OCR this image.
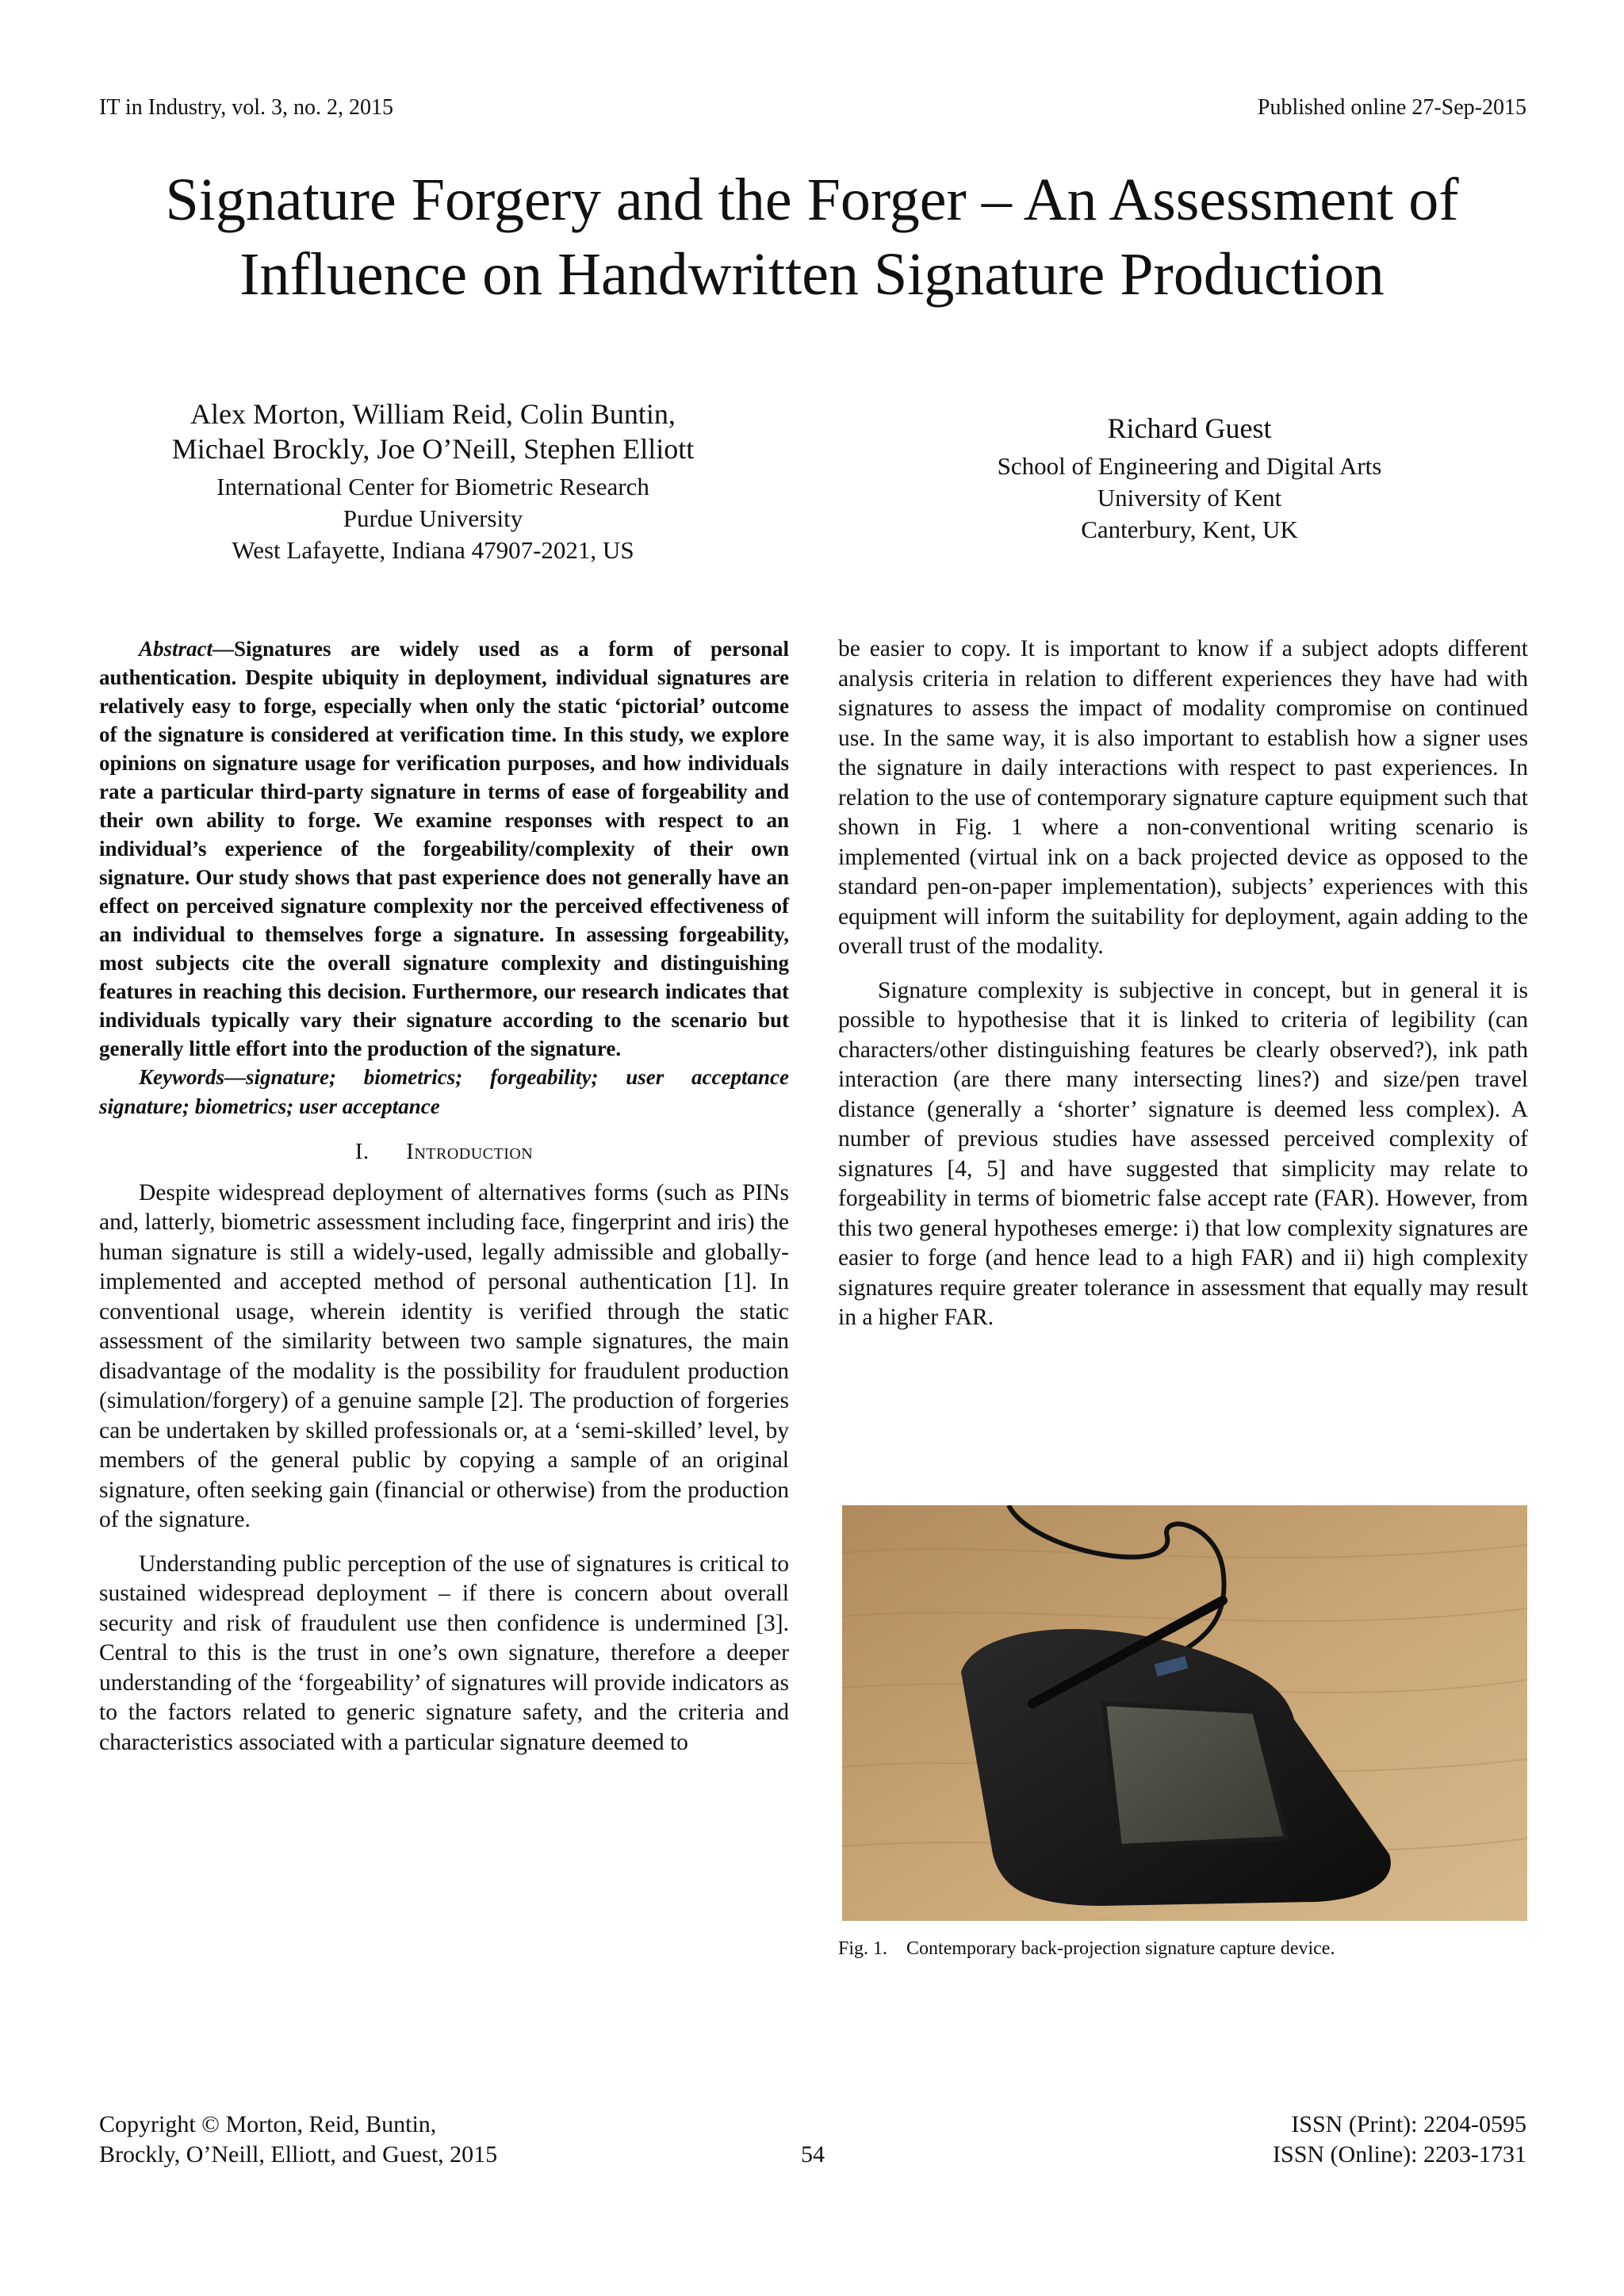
IT in Industry, vol. 3, no. 2, 2015	Published online 27-Sep-2015
Signature Forgery and the Forger – An Assessment of
Influence on Handwritten Signature Production
Alex Morton, William Reid, Colin Buntin,
Michael Brockly, Joe O’Neill, Stephen Elliott
International Center for Biometric Research
Purdue University
West Lafayette, Indiana 47907-2021, US
Richard Guest
School of Engineering and Digital Arts
University of Kent
Canterbury, Kent, UK

Abstract—Signatures are widely used as a form of personal authentication. Despite ubiquity in deployment, individual signatures are relatively easy to forge, especially when only the static ‘pictorial’ outcome of the signature is considered at verification time. In this study, we explore opinions on signature usage for verification purposes, and how individuals rate a particular third-party signature in terms of ease of forgeability and their own ability to forge. We examine responses with respect to an individual’s experience of the forgeability/complexity of their own signature. Our study shows that past experience does not generally have an effect on perceived signature complexity nor the perceived effectiveness of an individual to themselves forge a signature. In assessing forgeability, most subjects cite the overall signature complexity and distinguishing features in reaching this decision. Furthermore, our research indicates that individuals typically vary their signature according to the scenario but generally little effort into the production of the signature.

Keywords—signature; biometrics; forgeability; user acceptance signature; biometrics; user acceptance

I. Introduction

Despite widespread deployment of alternatives forms (such as PINs and, latterly, biometric assessment including face, fingerprint and iris) the human signature is still a widely-used, legally admissible and globally-implemented and accepted method of personal authentication [1]. In conventional usage, wherein identity is verified through the static assessment of the similarity between two sample signatures, the main disadvantage of the modality is the possibility for fraudulent production (simulation/forgery) of a genuine sample [2]. The production of forgeries can be undertaken by skilled professionals or, at a ‘semi-skilled’ level, by members of the general public by copying a sample of an original signature, often seeking gain (financial or otherwise) from the production of the signature.

Understanding public perception of the use of signatures is critical to sustained widespread deployment – if there is concern about overall security and risk of fraudulent use then confidence is undermined [3]. Central to this is the trust in one’s own signature, therefore a deeper understanding of the ‘forgeability’ of signatures will provide indicators as to the factors related to generic signature safety, and the criteria and characteristics associated with a particular signature deemed to

be easier to copy. It is important to know if a subject adopts different analysis criteria in relation to different experiences they have had with signatures to assess the impact of modality compromise on continued use. In the same way, it is also important to establish how a signer uses the signature in daily interactions with respect to past experiences. In relation to the use of contemporary signature capture equipment such that shown in Fig. 1 where a non-conventional writing scenario is implemented (virtual ink on a back projected device as opposed to the standard pen-on-paper implementation), subjects’ experiences with this equipment will inform the suitability for deployment, again adding to the overall trust of the modality.

Signature complexity is subjective in concept, but in general it is possible to hypothesise that it is linked to criteria of legibility (can characters/other distinguishing features be clearly observed?), ink path interaction (are there many intersecting lines?) and size/pen travel distance (generally a ‘shorter’ signature is deemed less complex). A number of previous studies have assessed perceived complexity of signatures [4, 5] and have suggested that simplicity may relate to forgeability in terms of biometric false accept rate (FAR). However, from this two general hypotheses emerge: i) that low complexity signatures are easier to forge (and hence lead to a high FAR) and ii) high complexity signatures require greater tolerance in assessment that equally may result in a higher FAR.

Fig. 1. Contemporary back-projection signature capture device.
Copyright © Morton, Reid, Buntin,
Brockly, O’Neill, Elliott, and Guest, 2015	54
ISSN (Print): 2204-0595
ISSN (Online): 2203-1731
